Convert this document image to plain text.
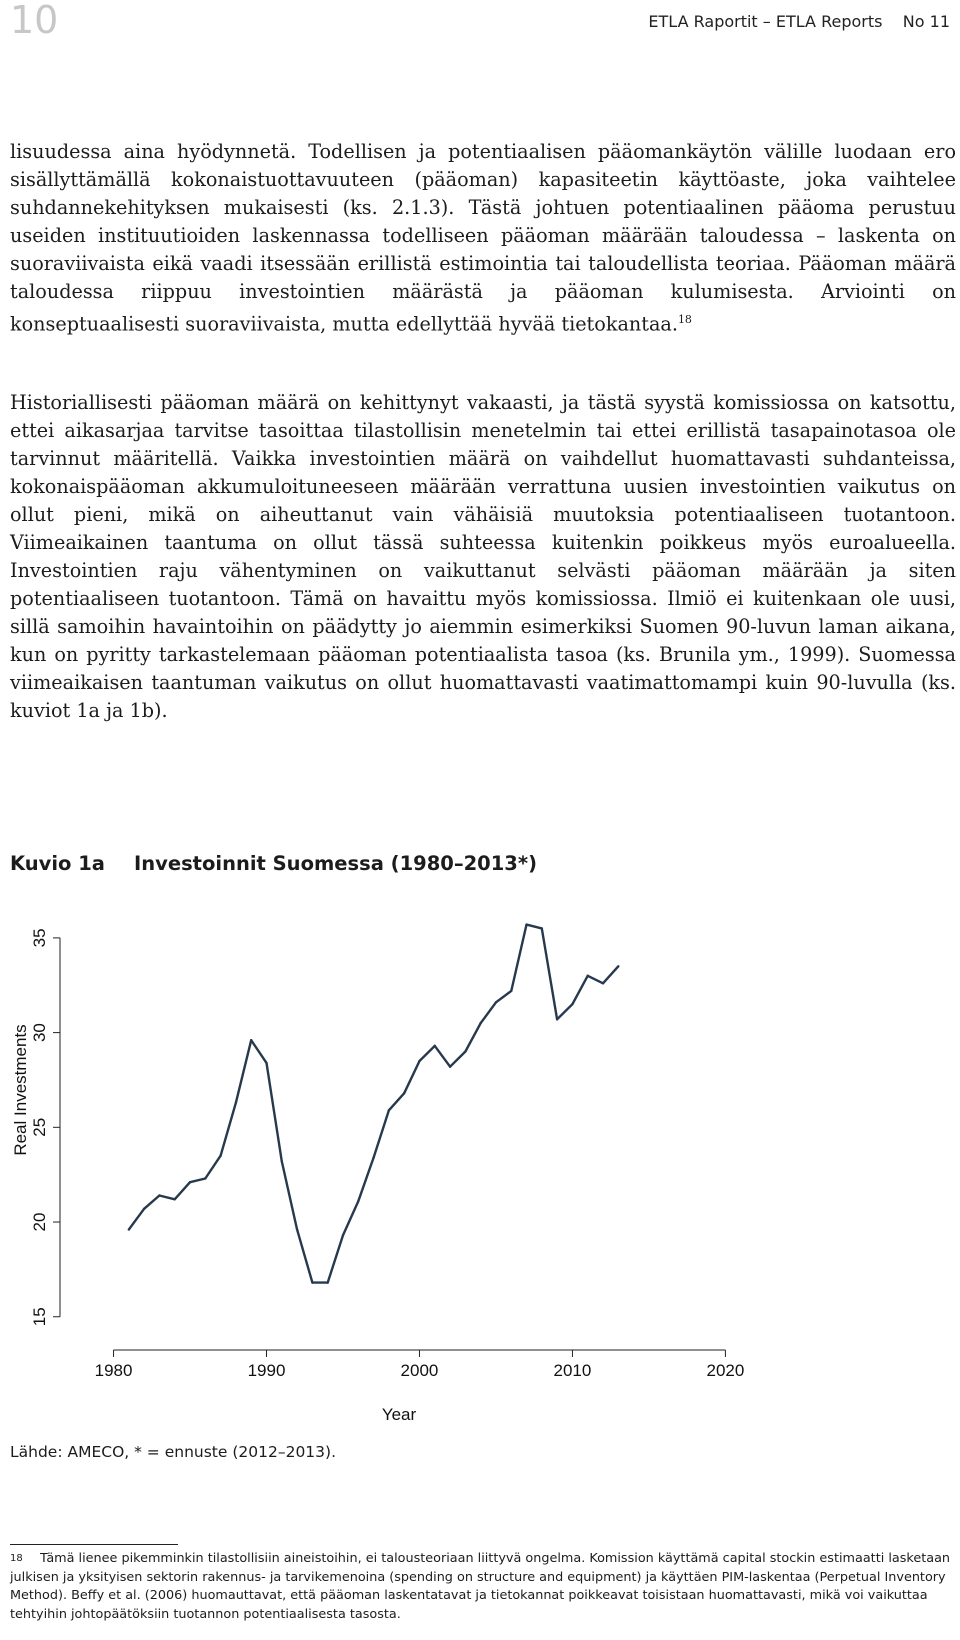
10	ETLA Raportit – ETLA Reports    No 11

lisuudessa aina hyödynnetä. Todellisen ja potentiaalisen pääomankäytön välille luodaan ero sisällyttämällä kokonaistuottavuuteen (pääoman) kapasiteetin käyttöaste, joka vaihtelee suhdannekehityksen mukaisesti (ks. 2.1.3). Tästä johtuen potentiaalinen pääoma perustuu useiden instituutioiden laskennassa todelliseen pääoman määrään taloudessa – laskenta on suoraviivaista eikä vaadi itsessään erillistä estimointia tai taloudellista teoriaa. Pääoman määrä taloudessa riippuu investointien määrästä ja pääoman kulumisesta. Arviointi on konseptuaalisesti suoraviivaista, mutta edellyttää hyvää tietokantaa.$^{18}$

Historiallisesti pääoman määrä on kehittynyt vakaasti, ja tästä syystä komissiossa on katsottu, ettei aikasarjaa tarvitse tasoittaa tilastollisin menetelmin tai ettei erillistä tasapainotasoa ole tarvinnut määritellä. Vaikka investointien määrä on vaihdellut huomattavasti suhdanteissa, kokonaispääoman akkumuloituneeseen määrään verrattuna uusien investointien vaikutus on ollut pieni, mikä on aiheuttanut vain vähäisiä muutoksia potentiaaliseen tuotantoon. Viimeaikainen taantuma on ollut tässä suhteessa kuitenkin poikkeus myös euroalueella. Investointien raju vähentyminen on vaikuttanut selvästi pääoman määrään ja siten potentiaaliseen tuotantoon. Tämä on havaittu myös komissiossa. Ilmiö ei kuitenkaan ole uusi, sillä samoihin havaintoihin on päädytty jo aiemmin esimerkiksi Suomen 90-luvun laman aikana, kun on pyritty tarkastelemaan pääoman potentiaalista tasoa (ks. Brunila ym., 1999). Suomessa viimeaikaisen taantuman vaikutus on ollut huomattavasti vaatimattomampi kuin 90-luvulla (ks. kuviot 1a ja 1b).

Kuvio 1a Investoinnit Suomessa (1980–2013*)
15
20
25
30
35
1980	1990	2000	2010	2020
Real Investments
Year
Lähde: AMECO, * = ennuste (2012–2013).
18 Tämä lienee pikemminkin tilastollisiin aineistoihin, ei talousteoriaan liittyvä ongelma. Komission käyttämä capital stockin estimaatti lasketaan julkisen ja yksityisen sektorin rakennus- ja tarvikemenoina (spending on structure and equipment) ja käyttäen PIM-laskentaa (Perpetual Inventory Method). Beffy et al. (2006) huomauttavat, että pääoman laskentatavat ja tietokannat poikkeavat toisistaan huomattavasti, mikä voi vaikuttaa tehtyihin johtopäätöksiin tuotannon potentiaalisesta tasosta.
